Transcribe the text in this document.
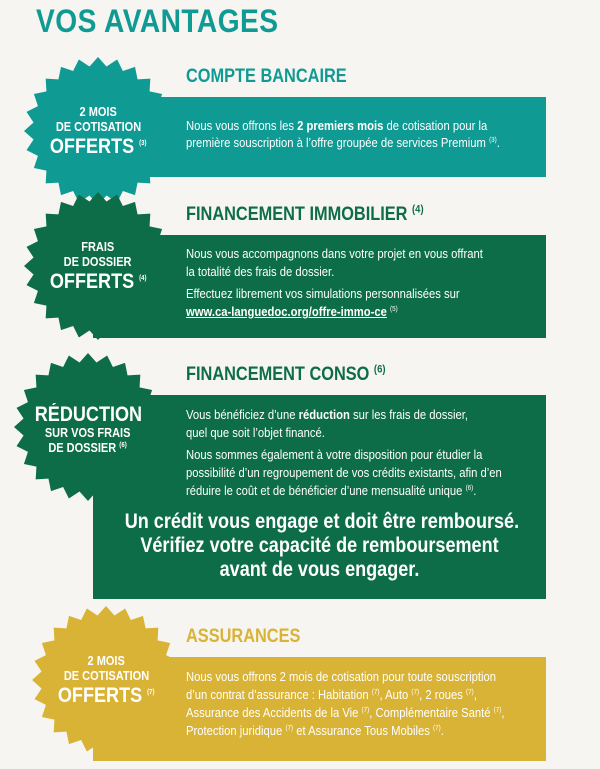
VOS AVANTAGES
COMPTE BANCAIRE

Nous vous offrons les 2 premiers mois de cotisation pour la

première souscription à l’offre groupée de services Premium $^{(3)}$.

2 MOIS
DE COTISATION
OFFERTS $^{(3)}$
FINANCEMENT IMMOBILIER $^{(4)}$

Nous vous accompagnons dans votre projet en vous offrant

la totalité des frais de dossier.

Effectuez librement vos simulations personnalisées sur

www.ca-languedoc.org/offre-immo-ce $^{(5)}$

FRAIS
DE DOSSIER
OFFERTS $^{(4)}$
FINANCEMENT CONSO $^{(6)}$

Vous bénéficiez d’une réduction sur les frais de dossier,

quel que soit l’objet financé.

Nous sommes également à votre disposition pour étudier la

possibilité d’un regroupement de vos crédits existants, afin d’en

réduire le coût et de bénéficier d’une mensualité unique $^{(6)}$.

Un crédit vous engage et doit être remboursé.
Vérifiez votre capacité de remboursement
avant de vous engager.
RÉDUCTION
SUR VOS FRAIS
DE DOSSIER $^{(6)}$
ASSURANCES

Nous vous offrons 2 mois de cotisation pour toute souscription

d’un contrat d’assurance : Habitation $^{(7)}$, Auto $^{(7)}$, 2 roues $^{(7)}$,

Assurance des Accidents de la Vie $^{(7)}$, Complémentaire Santé $^{(7)}$,

Protection juridique $^{(7)}$ et Assurance Tous Mobiles $^{(7)}$.

2 MOIS
DE COTISATION
OFFERTS $^{(7)}$
